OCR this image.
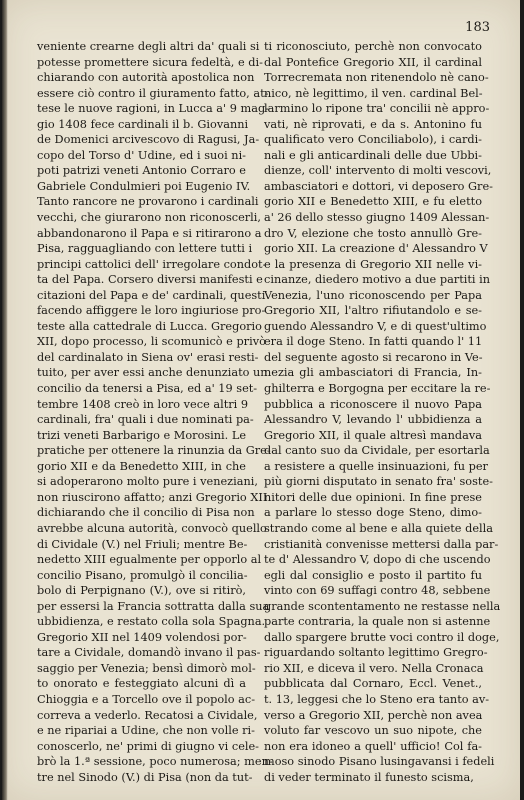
183
veniente crearne degli altri da' quali si
potesse promettere sicura fedeltà, e di-
chiarando con autorità apostolica non
essere ciò contro il giuramento fatto, at-
tese le nuove ragioni, in Lucca a' 9 mag-
gio 1408 fece cardinali il b. Giovanni
de Domenici arcivescovo di Ragusi, Ja-
copo del Torso d' Udine, ed i suoi ni-
poti patrizi veneti Antonio Corraro e
Gabriele Condulmieri poi Eugenio IV.
Tanto rancore ne provarono i cardinali
vecchi, che giurarono non riconoscerli,
abbandonarono il Papa e si ritirarono a
Pisa, ragguagliando con lettere tutti i
principi cattolici dell' irregolare condot-
ta del Papa. Corsero diversi manifesti e
citazioni del Papa e de' cardinali, questi
facendo affiggere le loro ingiuriose pro-
teste alla cattedrale di Lucca. Gregorio
XII, dopo processo, li scomunicò e privò
del cardinalato in Siena ov' erasi resti-
tuito, per aver essi anche denunziato un
concilio da tenersi a Pisa, ed a' 19 set-
tembre 1408 creò in loro vece altri 9
cardinali, fra' quali i due nominati pa-
trizi veneti Barbarigo e Morosini. Le
pratiche per ottenere la rinunzia da Gre-
gorio XII e da Benedetto XIII, in che
si adoperarono molto pure i veneziani,
non riuscirono affatto; anzi Gregorio XII
dichiarando che il concilio di Pisa non
avrebbe alcuna autorità, convocò quello
di Cividale (V.) nel Friuli; mentre Be-
nedetto XIII egualmente per opporlo al
concilio Pisano, promulgò il concilia-
bolo di Perpignano (V.), ove si ritirò,
per essersi la Francia sottratta dalla sua
ubbidienza, e restato colla sola Spagna.
Gregorio XII nel 1409 volendosi por-
tare a Cividale, domandò invano il pas-
saggio per Venezia; bensì dimorò mol-
to onorato e festeggiato alcuni dì a
Chioggia e a Torcello ove il popolo ac-
correva a vederlo. Recatosi a Cividale,
e ne ripariai a Udine, che non volle ri-
conoscerlo, ne' primi di giugno vi cele-
brò la 1.ª sessione, poco numerosa; men-
tre nel Sinodo (V.) di Pisa (non da tut-
ti riconosciuto, perchè non convocato
dal Pontefice Gregorio XII, il cardinal
Torrecremata non ritenendolo nè cano-
nico, nè legittimo, il ven. cardinal Bel-
larmino lo ripone tra' concilii nè appro-
vati, nè riprovati, e da s. Antonino fu
qualificato vero Conciliabolo), i cardi-
nali e gli anticardinali delle due Ubbi-
dienze, coll' intervento di molti vescovi,
ambasciatori e dottori, vi deposero Gre-
gorio XII e Benedetto XIII, e fu eletto
a' 26 dello stesso giugno 1409 Alessan-
dro V, elezione che tosto annullò Gre-
gorio XII. La creazione d' Alessandro V
e la presenza di Gregorio XII nelle vi-
cinanze, diedero motivo a due partiti in
Venezia, l'uno riconoscendo per Papa
Gregorio XII, l'altro rifiutandolo e se-
guendo Alessandro V, e di quest'ultimo
era il doge Steno. In fatti quando l' 11
del seguente agosto si recarono in Ve-
nezia gli ambasciatori di Francia, In-
ghilterra e Borgogna per eccitare la re-
pubblica a riconoscere il nuovo Papa
Alessandro V, levando l' ubbidienza a
Gregorio XII, il quale altresì mandava
dal canto suo da Cividale, per esortarla
a resistere a quelle insinuazioni, fu per
più giorni disputato in senato fra' soste-
nitori delle due opinioni. In fine prese
a parlare lo stesso doge Steno, dimo-
strando come al bene e alla quiete della
cristianità convenisse mettersi dalla par-
te d' Alessandro V, dopo di che uscendo
egli dal consiglio e posto il partito fu
vinto con 69 suffagi contro 48, sebbene
grande scontentamento ne restasse nella
parte contraria, la quale non si astenne
dallo spargere brutte voci contro il doge,
riguardando soltanto legittimo Gregro-
rio XII, e diceva il vero. Nella Cronaca
pubblicata dal Cornaro, Eccl. Venet.,
t. 13, leggesi che lo Steno era tanto av-
verso a Gregorio XII, perchè non avea
voluto far vescovo un suo nipote, che
non era idoneo a quell' ufficio! Col fa-
moso sinodo Pisano lusingavansi i fedeli
di veder terminato il funesto scisma,
